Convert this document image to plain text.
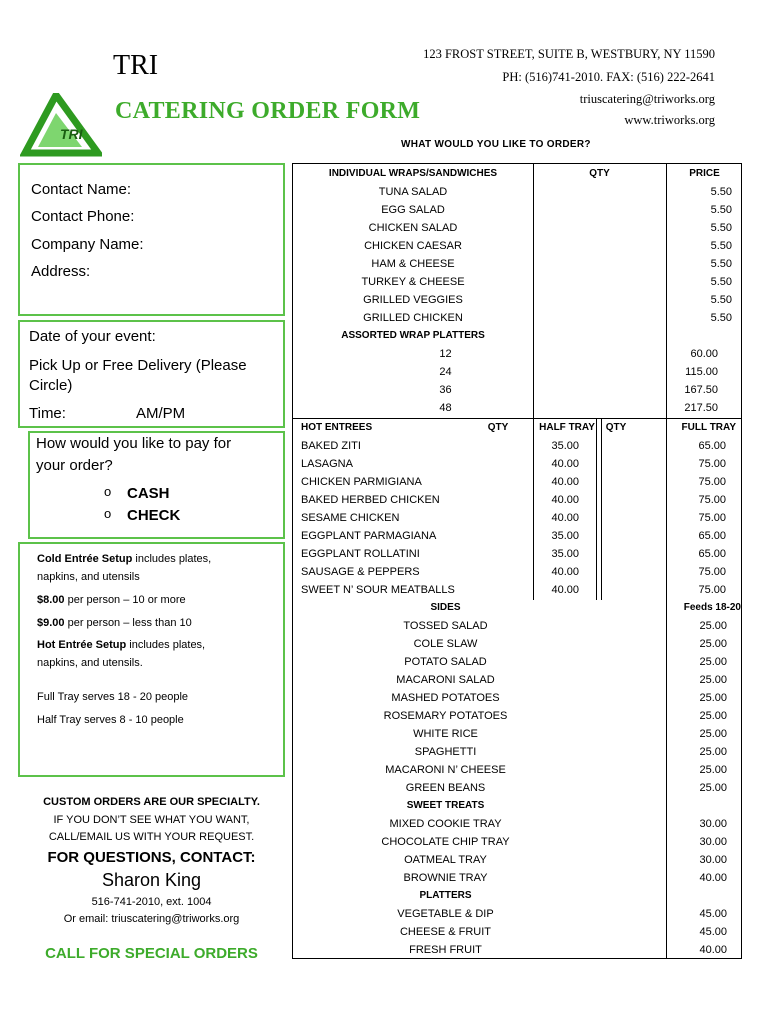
TRI
TRI
CATERING ORDER FORM
123 FROST STREET, SUITE B, WESTBURY, NY 11590
PH: (516)741-2010. FAX: (516) 222-2641
triuscatering@triworks.org
www.triworks.org
WHAT WOULD YOU LIKE TO ORDER?
Contact Name:
Contact Phone:
Company Name:
Address:
Date of your event:
Pick Up or Free Delivery (Please
Circle)
Time:	AM/PM
How would you like to pay for
your order?
o CASH
o CHECK
Cold Entrée Setup includes plates,
napkins, and utensils
$8.00 per person – 10 or more
$9.00 per person – less than 10
Hot Entrée Setup includes plates,
napkins, and utensils.
Full Tray serves 18 - 20 people
Half Tray serves 8 - 10 people
CUSTOM ORDERS ARE OUR SPECIALTY.
IF YOU DON’T SEE WHAT YOU WANT,
CALL/EMAIL US WITH YOUR REQUEST.
FOR QUESTIONS, CONTACT:
Sharon King
516-741-2010, ext. 1004
Or email: triuscatering@triworks.org
CALL FOR SPECIAL ORDERS
INDIVIDUAL WRAPS/SANDWICHES	QTY	PRICE
TUNA SALAD	5.50
EGG SALAD	5.50
CHICKEN SALAD	5.50
CHICKEN CAESAR	5.50
HAM & CHEESE	5.50
TURKEY & CHEESE	5.50
GRILLED VEGGIES	5.50
GRILLED CHICKEN	5.50
ASSORTED WRAP PLATTERS
12	60.00
24	115.00
36	167.50
48	217.50
HOT ENTREES	QTY	HALF TRAY	QTY	FULL TRAY
BAKED ZITI	35.00	65.00
LASAGNA	40.00	75.00
CHICKEN PARMIGIANA	40.00	75.00
BAKED HERBED CHICKEN	40.00	75.00
SESAME CHICKEN	40.00	75.00
EGGPLANT PARMAGIANA	35.00	65.00
EGGPLANT ROLLATINI	35.00	65.00
SAUSAGE & PEPPERS	40.00	75.00
SWEET N’ SOUR MEATBALLS	40.00	75.00
SIDES	Feeds 18-20
TOSSED SALAD	25.00
COLE SLAW	25.00
POTATO SALAD	25.00
MACARONI SALAD	25.00
MASHED POTATOES	25.00
ROSEMARY POTATOES	25.00
WHITE RICE	25.00
SPAGHETTI	25.00
MACARONI N’ CHEESE	25.00
GREEN BEANS	25.00
SWEET TREATS
MIXED COOKIE TRAY	30.00
CHOCOLATE CHIP TRAY	30.00
OATMEAL TRAY	30.00
BROWNIE TRAY	40.00
PLATTERS
VEGETABLE & DIP	45.00
CHEESE & FRUIT	45.00
FRESH FRUIT	40.00
